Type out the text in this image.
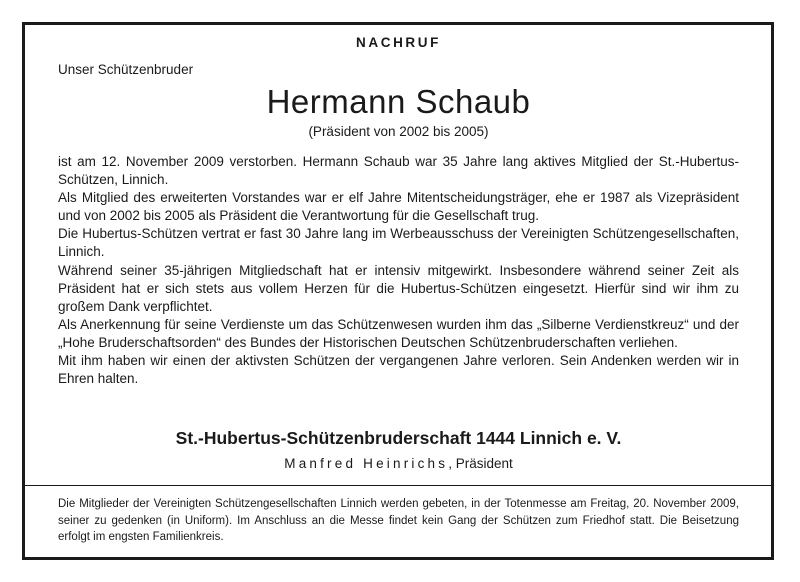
NACHRUF
Unser Schützenbruder
Hermann Schaub
(Präsident von 2002 bis 2005)

ist am 12. November 2009 verstorben. Hermann Schaub war 35 Jahre lang aktives Mitglied der St.-Hubertus-Schützen, Linnich.

Als Mitglied des erweiterten Vorstandes war er elf Jahre Mitentscheidungsträger, ehe er 1987 als Vizepräsident und von 2002 bis 2005 als Präsident die Verantwortung für die Gesellschaft trug.

Die Hubertus-Schützen vertrat er fast 30 Jahre lang im Werbeausschuss der Vereinigten Schützengesellschaften, Linnich.

Während seiner 35-jährigen Mitgliedschaft hat er intensiv mitgewirkt. Insbesondere während seiner Zeit als Präsident hat er sich stets aus vollem Herzen für die Hubertus-Schützen eingesetzt. Hierfür sind wir ihm zu großem Dank verpflichtet.

Als Anerkennung für seine Verdienste um das Schützenwesen wurden ihm das „Silberne Verdienstkreuz“ und der „Hohe Bruderschaftsorden“ des Bundes der Historischen Deutschen Schützenbruderschaften verliehen.

Mit ihm haben wir einen der aktivsten Schützen der vergangenen Jahre verloren. Sein Andenken werden wir in Ehren halten.

St.-Hubertus-Schützenbruderschaft 1444 Linnich e. V.
Manfred Heinrichs, Präsident
Die Mitglieder der Vereinigten Schützengesellschaften Linnich werden gebeten, in der Totenmesse am Freitag, 20. November 2009, seiner zu gedenken (in Uniform). Im Anschluss an die Messe findet kein Gang der Schützen zum Friedhof statt. Die Beisetzung erfolgt im engsten Familienkreis.
